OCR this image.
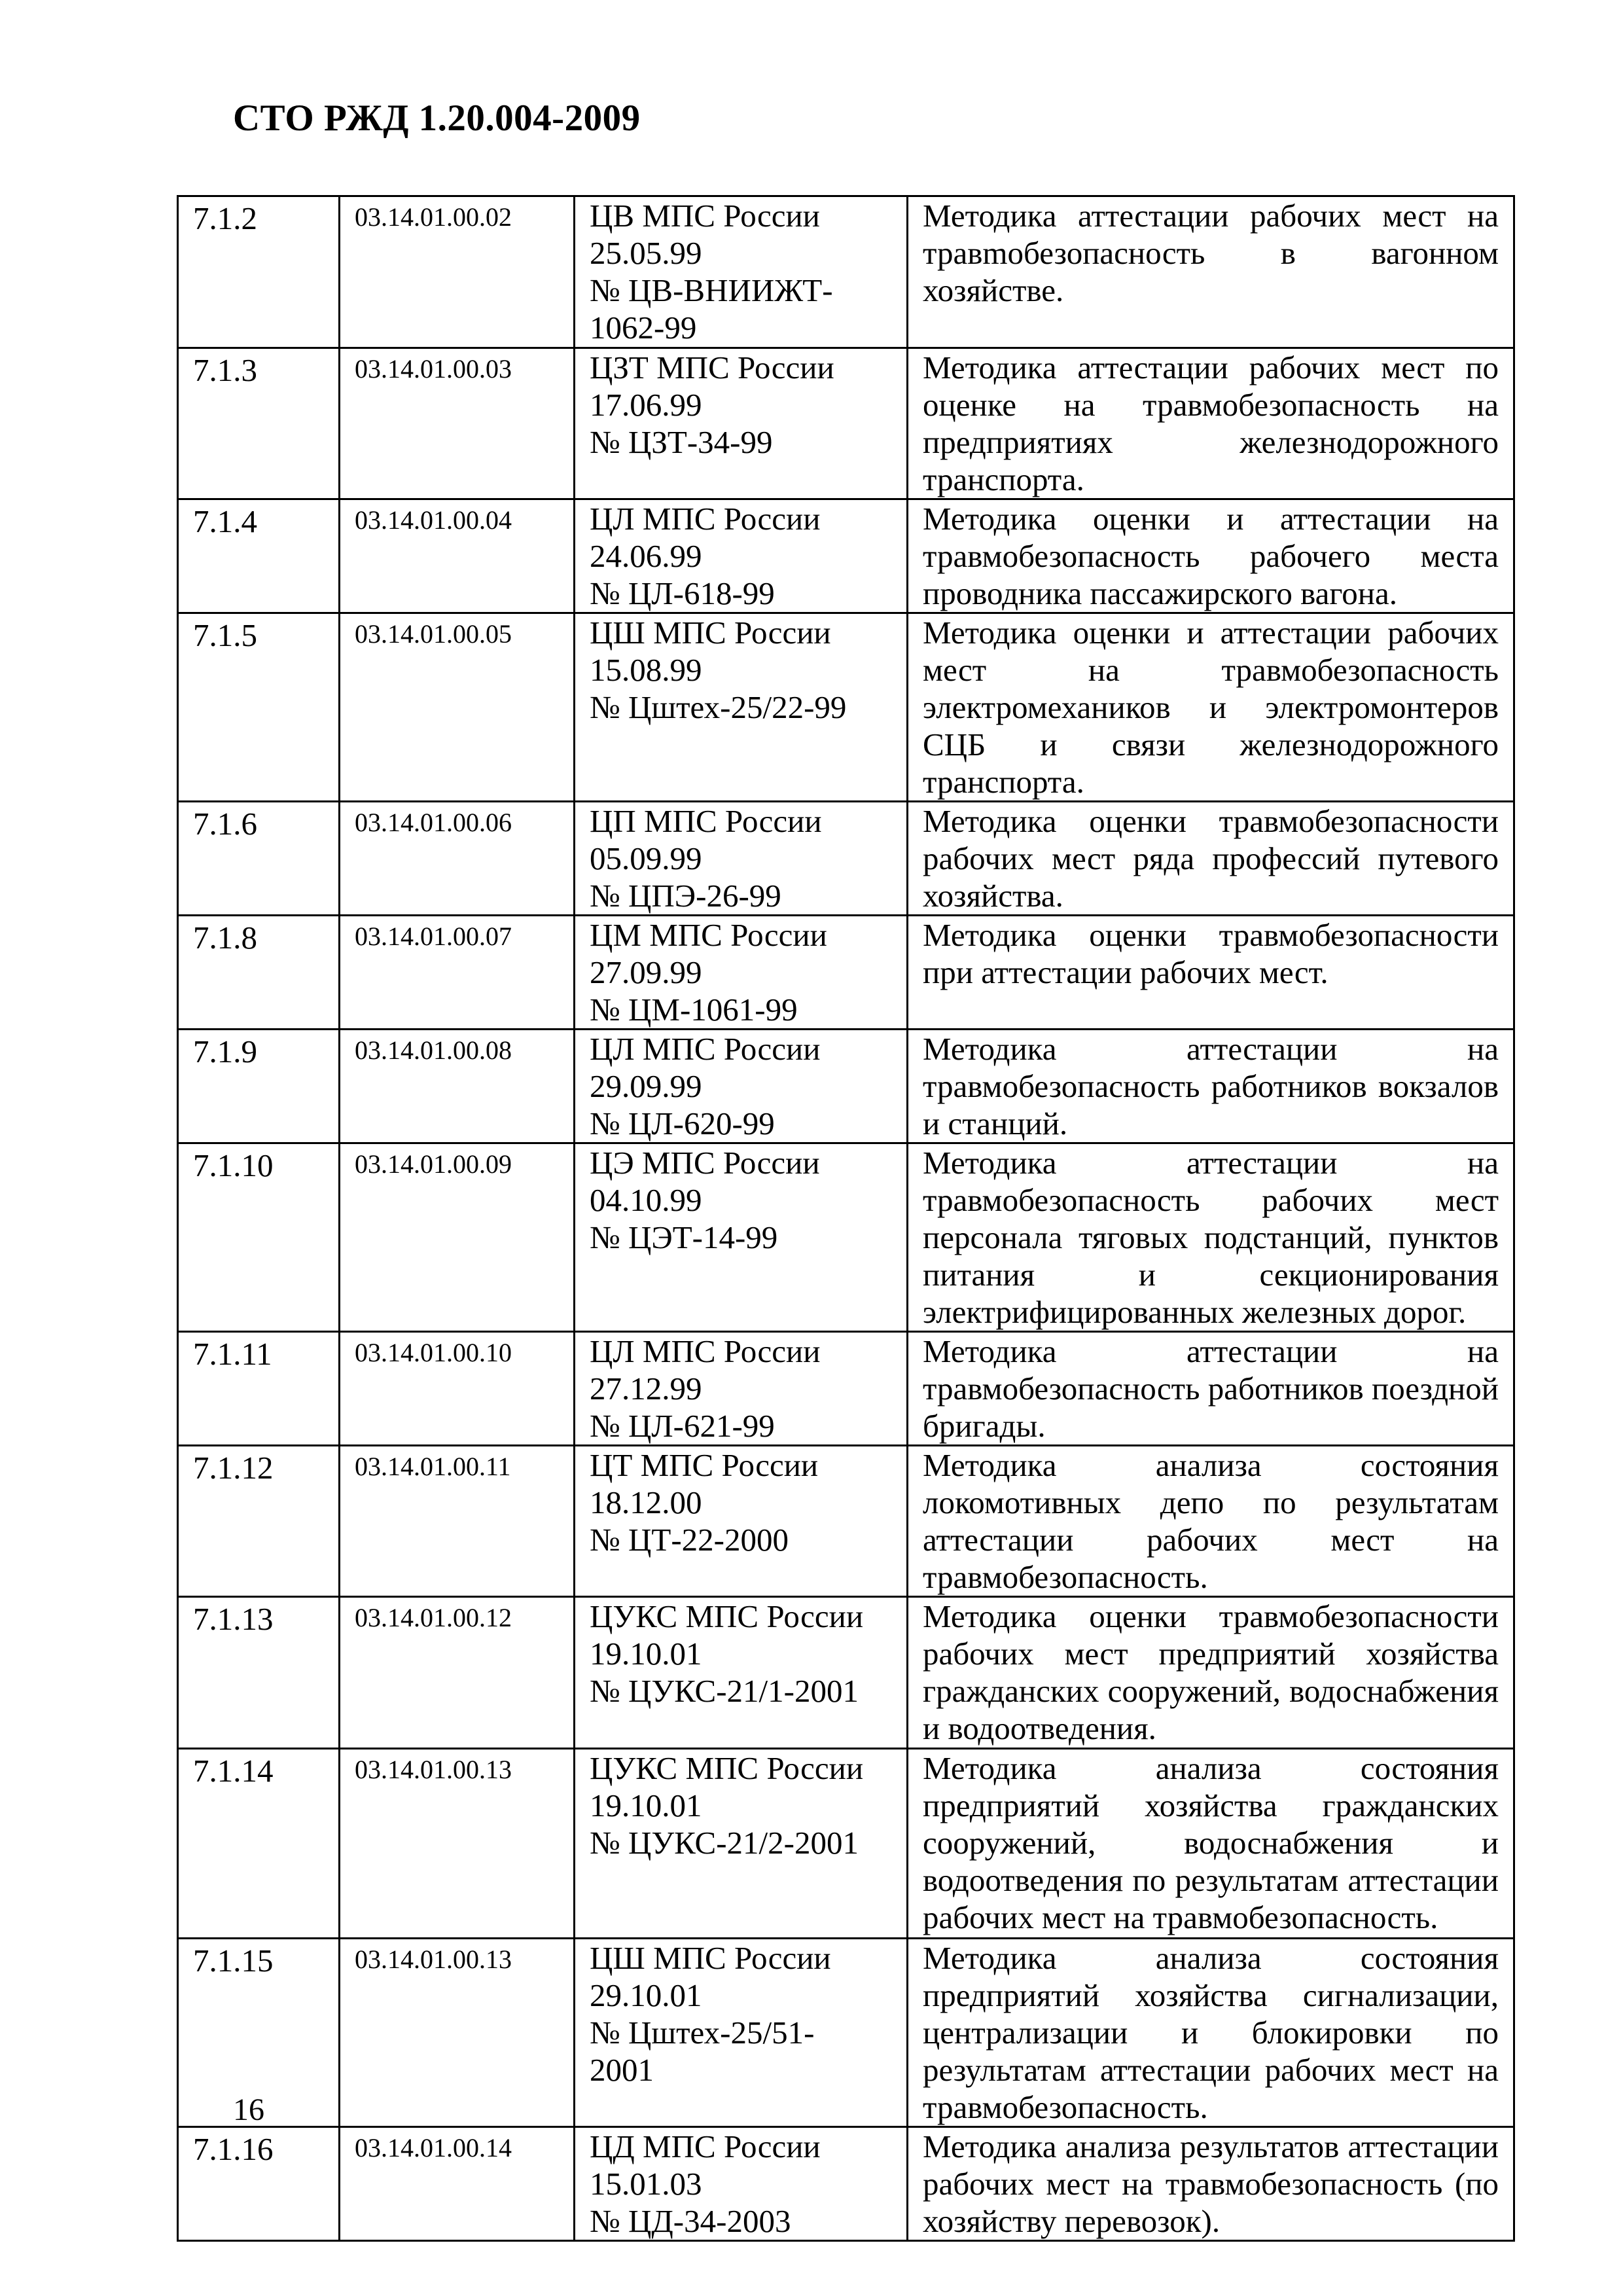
СТО РЖД 1.20.004-2009
7.1.2	03.14.01.00.02	ЦВ МПС России
25.05.99
№ ЦВ-ВНИИЖТ-
1062-99	Методика аттестации рабочих мест на травmобезопасность в вагонном хозяйстве.
7.1.3	03.14.01.00.03	ЦЗТ МПС России
17.06.99
№ ЦЗТ-34-99	Методика аттестации рабочих мест по оценке на травмобезопасность на предприятиях железнодорожного транспорта.
7.1.4	03.14.01.00.04	ЦЛ МПС России
24.06.99
№ ЦЛ-618-99	Методика оценки и аттестации на травмобезопасность рабочего места проводника пассажирского вагона.
7.1.5	03.14.01.00.05	ЦШ МПС России
15.08.99
№ Цштех-25/22-99	Методика оценки и аттестации рабочих мест на травмобезопасность электромехаников и электромонтеров СЦБ и связи железнодорожного транспорта.
7.1.6	03.14.01.00.06	ЦП МПС России
05.09.99
№ ЦПЭ-26-99	Методика оценки травмобезопасности рабочих мест ряда профессий путевого хозяйства.
7.1.8	03.14.01.00.07	ЦМ МПС России
27.09.99
№ ЦМ-1061-99	Методика оценки травмобезопасности при аттестации рабочих мест.
7.1.9	03.14.01.00.08	ЦЛ МПС России
29.09.99
№ ЦЛ-620-99	Методика аттестации на травмобезопасность работников вокзалов и станций.
7.1.10	03.14.01.00.09	ЦЭ МПС России
04.10.99
№ ЦЭТ-14-99	Методика аттестации на травмобезопасность рабочих мест персонала тяговых подстанций, пунктов питания и секционирования электрифицированных железных дорог.
7.1.11	03.14.01.00.10	ЦЛ МПС России
27.12.99
№ ЦЛ-621-99	Методика аттестации на травмобезопасность работников поездной бригады.
7.1.12	03.14.01.00.11	ЦТ МПС России
18.12.00
№ ЦТ-22-2000	Методика анализа состояния локомотивных депо по результатам аттестации рабочих мест на травмобезопасность.
7.1.13	03.14.01.00.12	ЦУКС МПС России
19.10.01
№ ЦУКС-21/1-2001	Методика оценки травмобезопасности рабочих мест предприятий хозяйства гражданских сооружений, водоснабжения и водоотведения.
7.1.14	03.14.01.00.13	ЦУКС МПС России
19.10.01
№ ЦУКС-21/2-2001	Методика анализа состояния предприятий хозяйства гражданских сооружений, водоснабжения и водоотведения по результатам аттестации рабочих мест на травмобезопасность.
7.1.15	03.14.01.00.13	ЦШ МПС России
29.10.01
№ Цштех-25/51-
2001	Методика анализа состояния предприятий хозяйства сигнализации, централизации и блокировки по результатам аттестации рабочих мест на травмобезопасность.
7.1.16	03.14.01.00.14	ЦД МПС России
15.01.03
№ ЦД-34-2003	Методика анализа результатов аттестации рабочих мест на травмобезопасность (по хозяйству перевозок).
16
